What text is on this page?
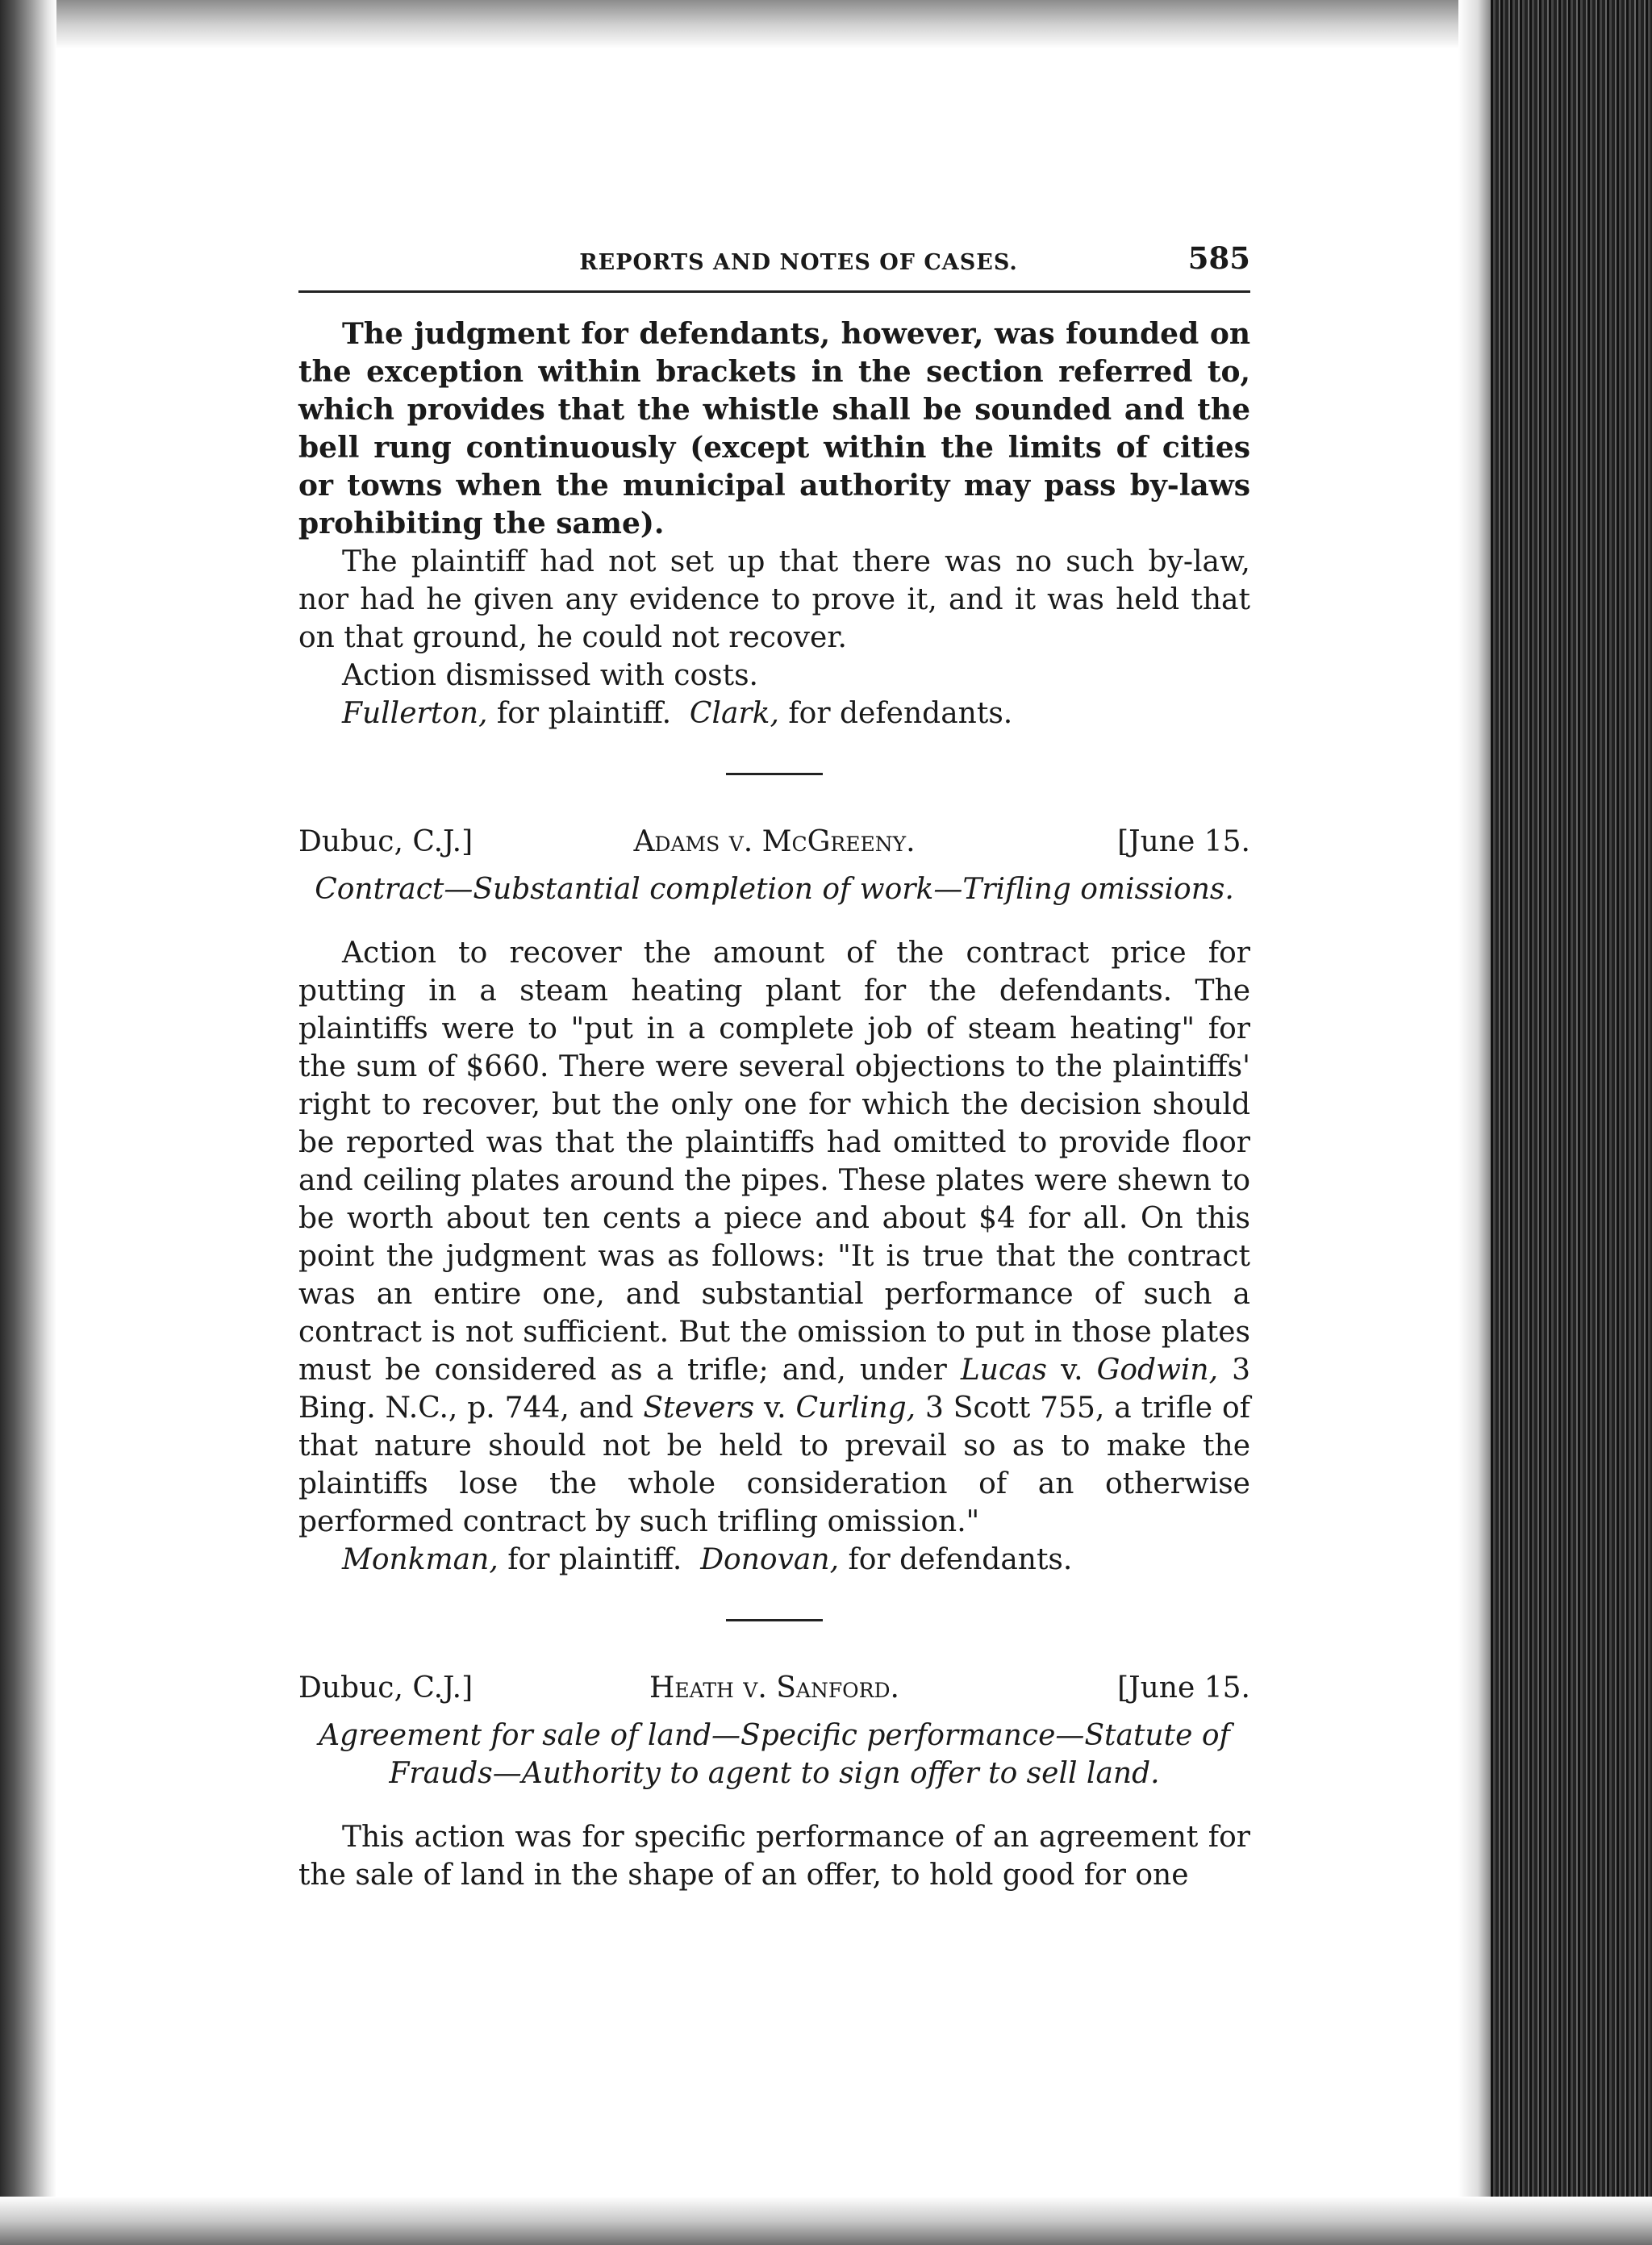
REPORTS AND NOTES OF CASES.	585

The judgment for defendants, however, was founded on the exception within brackets in the section referred to, which provides that the whistle shall be sounded and the bell rung continuously (except within the limits of cities or towns when the municipal authority may pass by-laws prohibiting the same).

The plaintiff had not set up that there was no such by-law, nor had he given any evidence to prove it, and it was held that on that ground, he could not recover.

Action dismissed with costs.

Fullerton, for plaintiff. Clark, for defendants.

Dubuc, C.J.]	Adams v. McGreeny.	[June 15.
Contract—Substantial completion of work—Trifling omissions.

Action to recover the amount of the contract price for putting in a steam heating plant for the defendants. The plaintiffs were to "put in a complete job of steam heating" for the sum of $660. There were several objections to the plaintiffs' right to recover, but the only one for which the decision should be reported was that the plaintiffs had omitted to provide floor and ceiling plates around the pipes. These plates were shewn to be worth about ten cents a piece and about $4 for all. On this point the judgment was as follows: "It is true that the contract was an entire one, and substantial performance of such a contract is not sufficient. But the omission to put in those plates must be considered as a trifle; and, under Lucas v. Godwin, 3 Bing. N.C., p. 744, and Stevers v. Curling, 3 Scott 755, a trifle of that nature should not be held to prevail so as to make the plaintiffs lose the whole consideration of an otherwise performed contract by such trifling omission."

Monkman, for plaintiff. Donovan, for defendants.

Dubuc, C.J.]	Heath v. Sanford.	[June 15.
Agreement for sale of land—Specific performance—Statute of
Frauds—Authority to agent to sign offer to sell land.

This action was for specific performance of an agreement for the sale of land in the shape of an offer, to hold good for one
